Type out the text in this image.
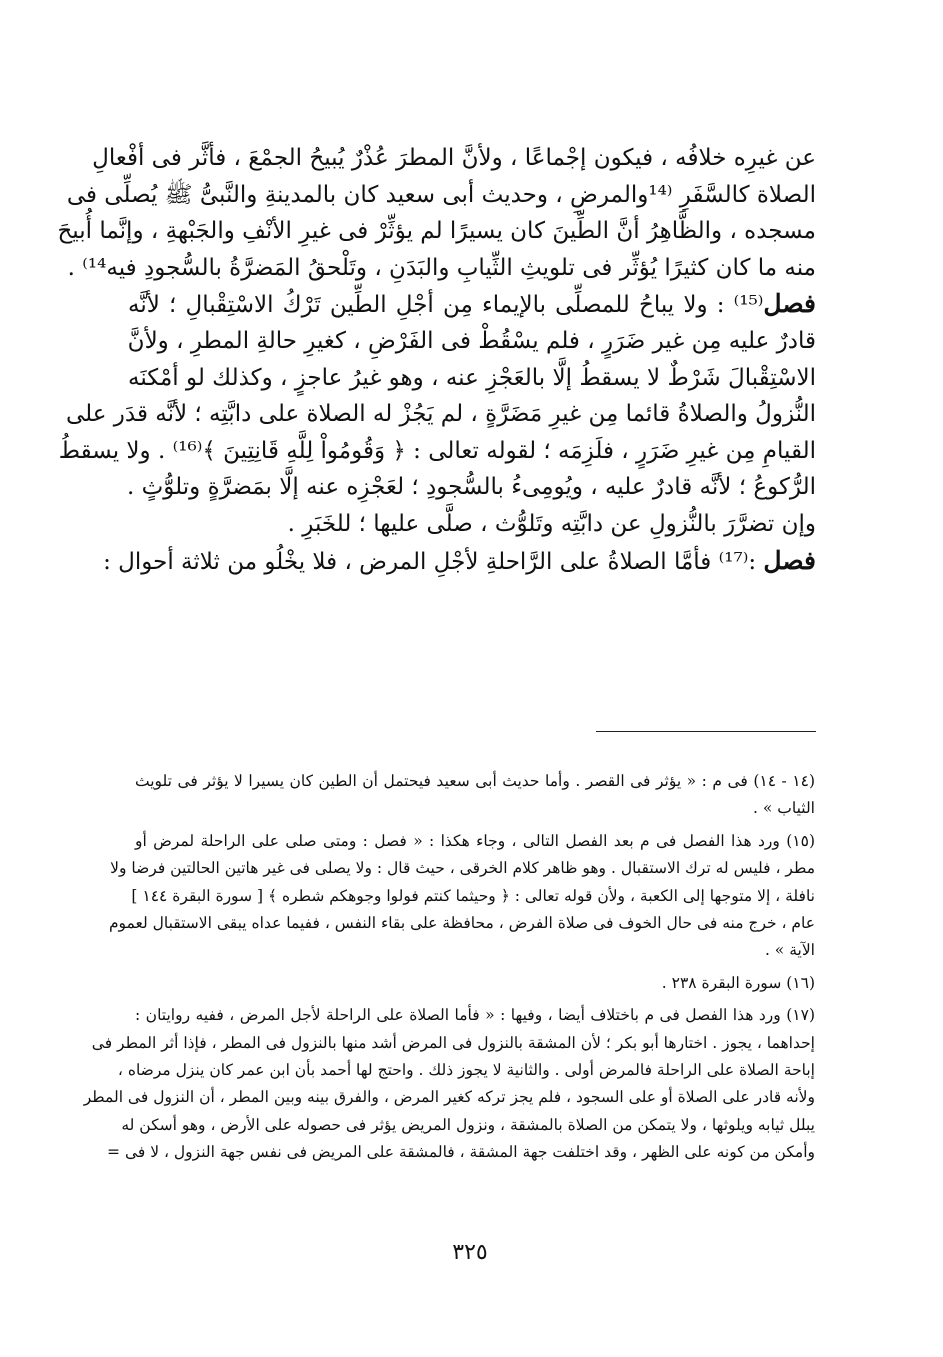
عن غيرِه خلافُه ، فيكون إجْماعًا ، ولأنَّ المطرَ عُذْرٌ يُبيحُ الجمْعَ ، فأثَّر فى أفْعالِ
الصلاة كالسَّفَرِ ⁽¹⁴والمرضِ ، وحديث أبى سعيد كان بالمدينةِ والنَّبىُّ ﷺ يُصلِّى فى
مسجده ، والظَّاهِرُ أنَّ الطِّينَ كان يسيرًا لم يؤثِّرْ فى غيرِ الأنْفِ والجَبْهةِ ، وإنَّما أُبيحَ
منه ما كان كثيرًا يُؤثِّر فى تلويثِ الثِّيابِ والبَدَنِ ، وتَلْحقُ المَضرَّةُ بالسُّجودِ فيه¹⁴⁾ .
فصل⁽¹⁵⁾ : ولا يباحُ للمصلِّى بالإيماء مِن أجْلِ الطِّين تَرْكُ الاسْتِقْبالِ ؛ لأنَّه
قادرٌ عليه مِن غير ضَرَرٍ ، فلم يسْقُطْ فى الفَرْضِ ، كغيرِ حالةِ المطرِ ، ولأنَّ
الاسْتِقْبالَ شَرْطٌ لا يسقطُ إلَّا بالعَجْزِ عنه ، وهو غيرُ عاجزٍ ، وكذلك لو أمْكنَه
النُّزولُ والصلاةُ قائما مِن غيرِ مَضَرَّةٍ ، لم يَجُزْ له الصلاة على دابَّتِه ؛ لأنَّه قدَر على
القيامِ مِن غيرِ ضَرَرٍ ، فلَزِمَه ؛ لقوله تعالى : ﴿ وَقُومُواْ لِلَّهِ قَانِتِينَ ﴾⁽¹⁶⁾ . ولا يسقطُ
الرُّكوعُ ؛ لأنَّه قادرٌ عليه ، ويُومِىءُ بالسُّجودِ ؛ لعَجْزِه عنه إلَّا بمَضرَّةٍ وتلوُّثٍ .
وإن تضرَّرَ بالنُّزولِ عن دابَّتِه وتَلوُّث ، صلَّى عليها ؛ للخَبَرِ .
فصل :⁽¹⁷⁾ فأمَّا الصلاةُ على الرَّاحلةِ لأجْلِ المرض ، فلا يخْلُو من ثلاثة أحوال :
(١٤ - ١٤) فى م : « يؤثر فى القصر . وأما حديث أبى سعيد فيحتمل أن الطين كان يسيرا لا يؤثر فى تلويث
الثياب » .
(١٥) ورد هذا الفصل فى م بعد الفصل التالى ، وجاء هكذا : « فصل : ومتى صلى على الراحلة لمرض أو
مطر ، فليس له ترك الاستقبال . وهو ظاهر كلام الخرقى ، حيث قال : ولا يصلى فى غير هاتين الحالتين فرضا ولا
نافلة ، إلا متوجها إلى الكعبة ، ولأن قوله تعالى : ﴿ وحيثما كنتم فولوا وجوهكم شطره ﴾ [ سورة البقرة ١٤٤ ]
عام ، خرج منه فى حال الخوف فى صلاة الفرض ، محافظة على بقاء النفس ، ففيما عداه يبقى الاستقبال لعموم
الآية » .
(١٦) سورة البقرة ٢٣٨ .
(١٧) ورد هذا الفصل فى م باختلاف أيضا ، وفيها : « فأما الصلاة على الراحلة لأجل المرض ، ففيه روايتان :
إحداهما ، يجوز . اختارها أبو بكر ؛ لأن المشقة بالنزول فى المرض أشد منها بالنزول فى المطر ، فإذا أثر المطر فى
إباحة الصلاة على الراحلة فالمرض أولى . والثانية لا يجوز ذلك . واحتج لها أحمد بأن ابن عمر كان ينزل مرضاه ،
ولأنه قادر على الصلاة أو على السجود ، فلم يجز تركه كغير المرض ، والفرق بينه وبين المطر ، أن النزول فى المطر
يبلل ثيابه ويلوثها ، ولا يتمكن من الصلاة بالمشقة ، ونزول المريض يؤثر فى حصوله على الأرض ، وهو أسكن له
وأمكن من كونه على الظهر ، وقد اختلفت جهة المشقة ، فالمشقة على المريض فى نفس جهة النزول ، لا فى =
٣٢٥
